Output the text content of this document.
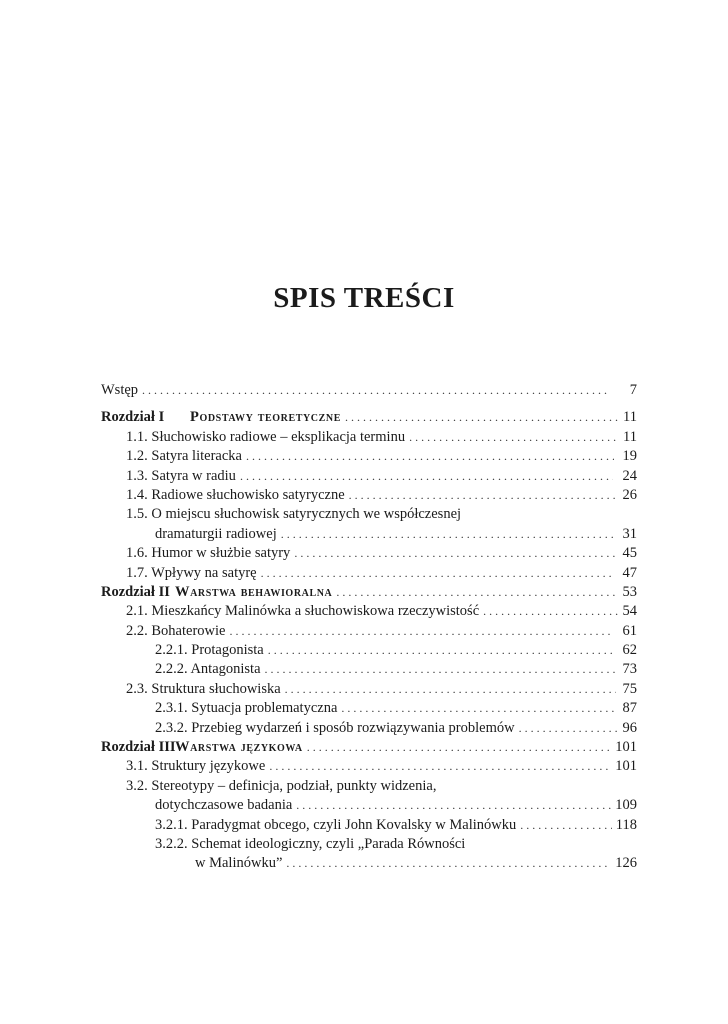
SPIS TREŚCI
Wstęp . . .	7
Rozdział I Podstawy teoretyczne . . .	11
1.1. Słuchowisko radiowe – eksplikacja terminu . . .	11
1.2. Satyra literacka . . .	19
1.3. Satyra w radiu . . .	24
1.4. Radiowe słuchowisko satyryczne . . .	26
1.5. O miejscu słuchowisk satyrycznych we współczesnej
dramaturgii radiowej . . .	31
1.6. Humor w służbie satyry . . .	45
1.7. Wpływy na satyrę . . .	47
Rozdział II Warstwa behawioralna . . .	53
2.1. Mieszkańcy Malinówka a słuchowiskowa rzeczywistość . . .	54
2.2. Bohaterowie . . .	61
2.2.1. Protagonista . . .	62
2.2.2. Antagonista . . .	73
2.3. Struktura słuchowiska . . .	75
2.3.1. Sytuacja problematyczna . . .	87
2.3.2. Przebieg wydarzeń i sposób rozwiązywania problemów . . .	96
Rozdział IIIWarstwa językowa . . .	101
3.1. Struktury językowe . . .	101
3.2. Stereotypy – definicja, podział, punkty widzenia,
dotychczasowe badania . . .	109
3.2.1. Paradygmat obcego, czyli John Kovalsky w Malinówku . . .	118
3.2.2. Schemat ideologiczny, czyli „Parada Równości
w Malinówku” . . .	126
